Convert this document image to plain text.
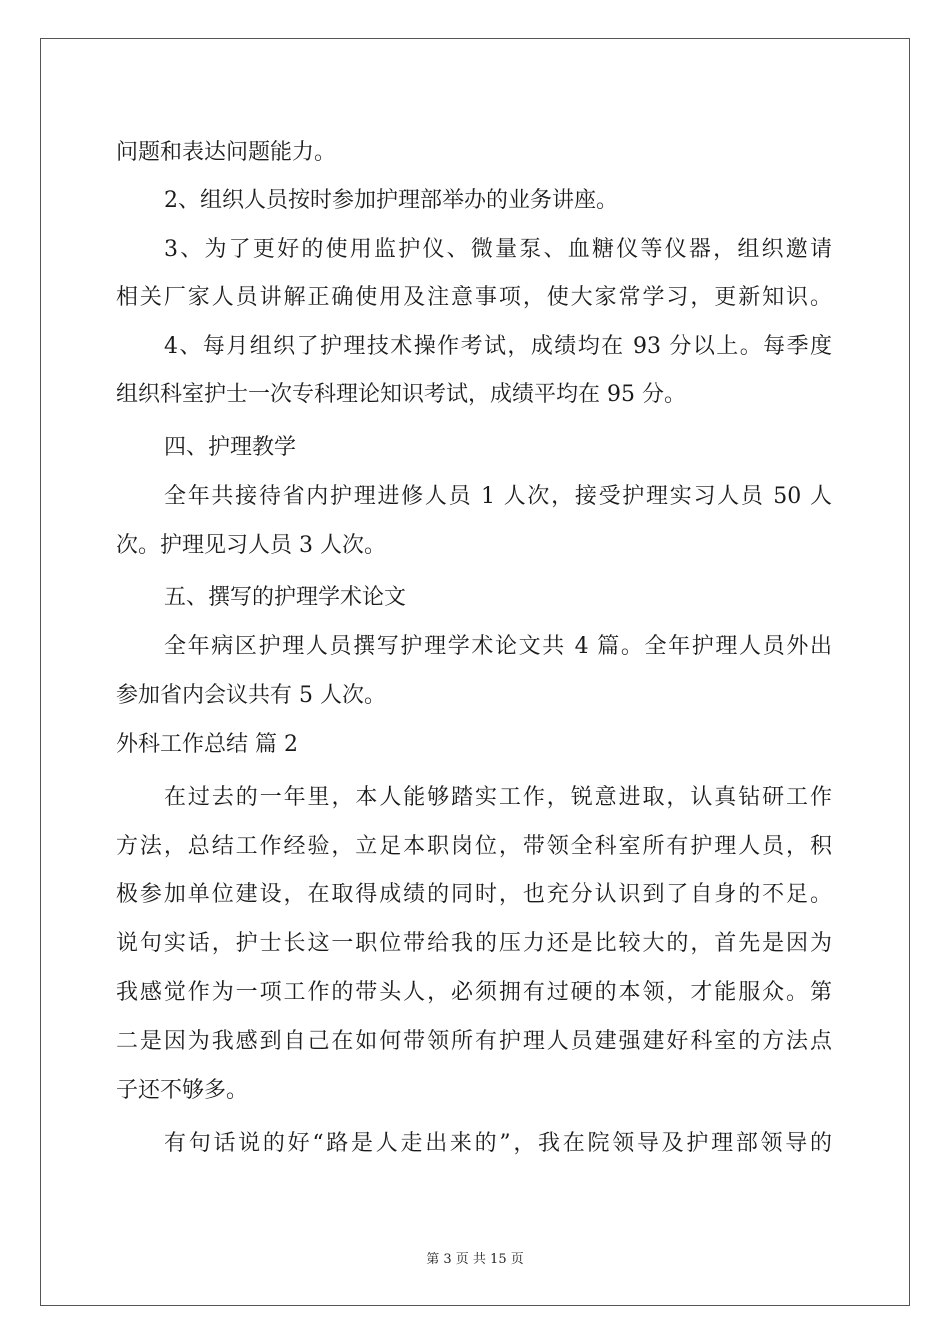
问题和表达问题能力。
2、组织人员按时参加护理部举办的业务讲座。
3、为了更好的使用监护仪、微量泵、血糖仪等仪器，组织邀请
相关厂家人员讲解正确使用及注意事项，使大家常学习，更新知识。
4、每月组织了护理技术操作考试，成绩均在 93 分以上。每季度
组织科室护士一次专科理论知识考试，成绩平均在 95 分。
四、护理教学
全年共接待省内护理进修人员 1 人次，接受护理实习人员 50 人
次。护理见习人员 3 人次。
五、撰写的护理学术论文
全年病区护理人员撰写护理学术论文共 4 篇。全年护理人员外出
参加省内会议共有 5 人次。
外科工作总结 篇 2
在过去的一年里，本人能够踏实工作，锐意进取，认真钻研工作
方法，总结工作经验，立足本职岗位，带领全科室所有护理人员，积
极参加单位建设，在取得成绩的同时，也充分认识到了自身的不足。
说句实话，护士长这一职位带给我的压力还是比较大的，首先是因为
我感觉作为一项工作的带头人，必须拥有过硬的本领，才能服众。第
二是因为我感到自己在如何带领所有护理人员建强建好科室的方法点
子还不够多。
有句话说的好“路是人走出来的”，我在院领导及护理部领导的
第 3 页 共 15 页
